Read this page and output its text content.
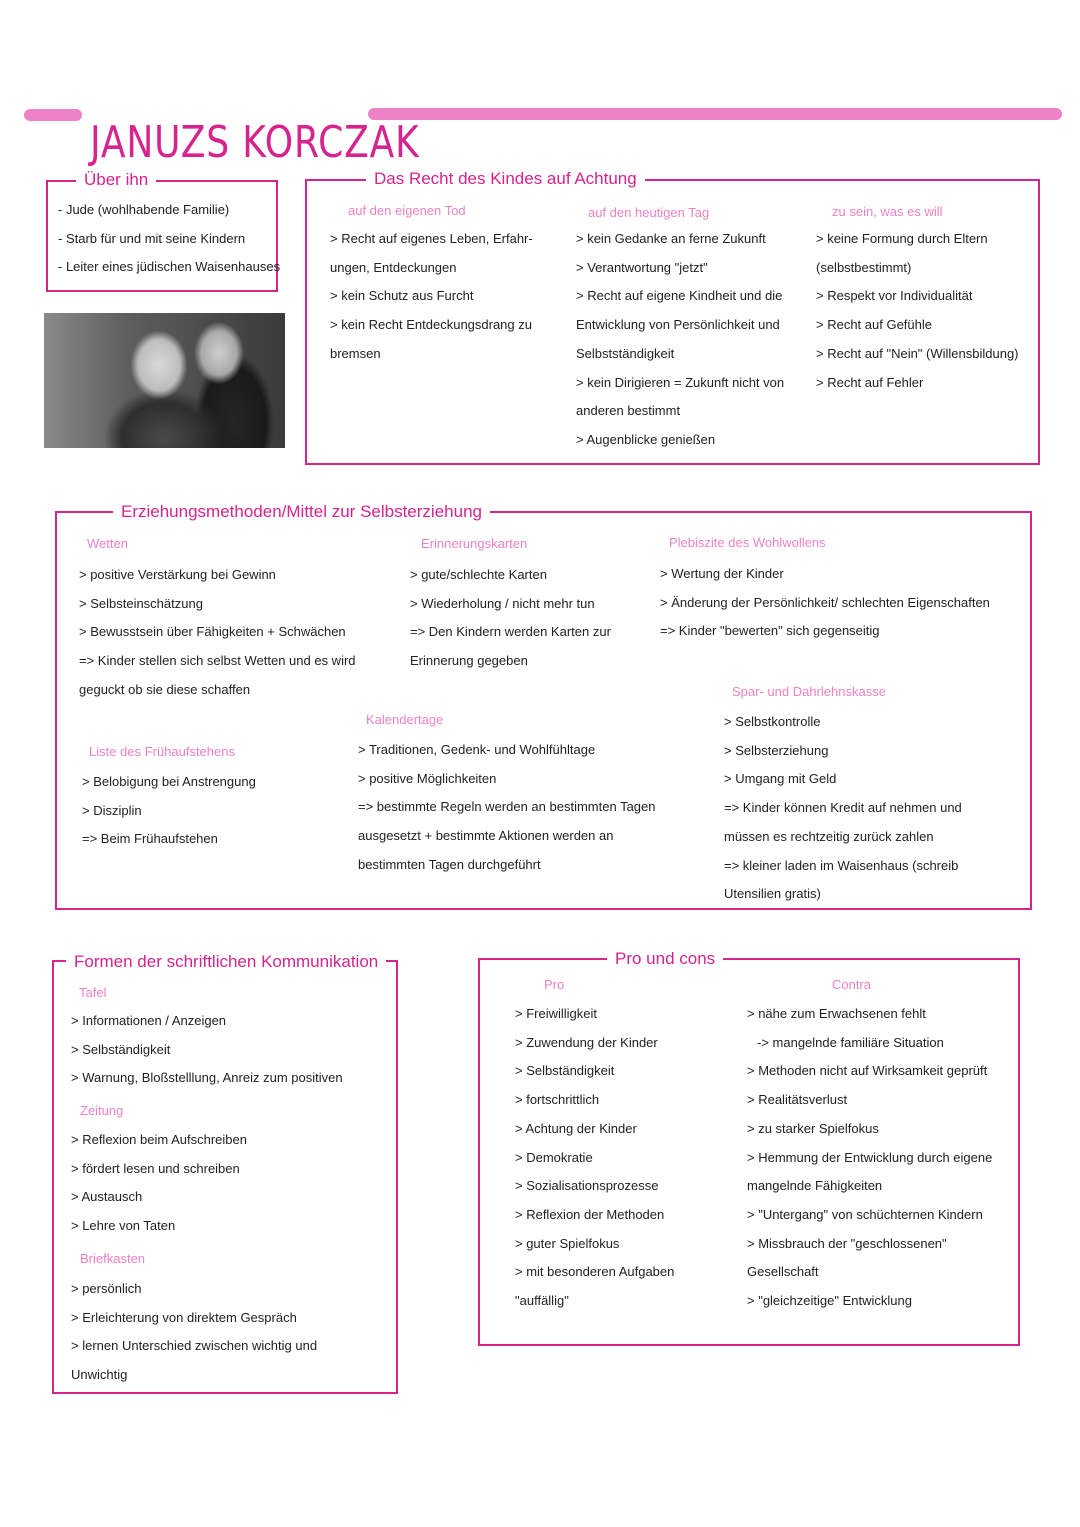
JANUZS KORCZAK
Über ihn
- Jude (wohlhabende Familie)
- Starb für und mit seine Kindern
- Leiter eines jüdischen Waisenhauses
Das Recht des Kindes auf Achtung
auf den eigenen Tod
> Recht auf eigenes Leben, Erfahr-
ungen, Entdeckungen
> kein Schutz aus Furcht
> kein Recht Entdeckungsdrang zu
bremsen
auf den heutigen Tag
> kein Gedanke an ferne Zukunft
> Verantwortung "jetzt"
> Recht auf eigene Kindheit und die
Entwicklung von Persönlichkeit und
Selbstständigkeit
> kein Dirigieren = Zukunft nicht von
anderen bestimmt
> Augenblicke genießen
zu sein, was es will
> keine Formung durch Eltern
(selbstbestimmt)
> Respekt vor Individualität
> Recht auf Gefühle
> Recht auf "Nein" (Willensbildung)
> Recht auf Fehler
Erziehungsmethoden/Mittel zur Selbsterziehung
Wetten
> positive Verstärkung bei Gewinn
> Selbsteinschätzung
> Bewusstsein über Fähigkeiten + Schwächen
=> Kinder stellen sich selbst Wetten und es wird
geguckt ob sie diese schaffen
Erinnerungskarten
> gute/schlechte Karten
> Wiederholung / nicht mehr tun
=> Den Kindern werden Karten zur
Erinnerung gegeben
Plebiszite des Wohlwollens
> Wertung der Kinder
> Änderung der Persönlichkeit/ schlechten Eigenschaften
=> Kinder "bewerten" sich gegenseitig
Liste des Frühaufstehens
> Belobigung bei Anstrengung
> Disziplin
=> Beim Frühaufstehen
Kalendertage
> Traditionen, Gedenk- und Wohlfühltage
> positive Möglichkeiten
=> bestimmte Regeln werden an bestimmten Tagen
ausgesetzt + bestimmte Aktionen werden an
bestimmten Tagen durchgeführt
Spar- und Dahrlehnskasse
> Selbstkontrolle
> Selbsterziehung
> Umgang mit Geld
=> Kinder können Kredit auf nehmen und
müssen es rechtzeitig zurück zahlen
=> kleiner laden im Waisenhaus (schreib
Utensilien gratis)
Formen der schriftlichen Kommunikation
Tafel
> Informationen / Anzeigen
> Selbständigkeit
> Warnung, Bloßstelllung, Anreiz zum positiven
Zeitung
> Reflexion beim Aufschreiben
> fördert lesen und schreiben
> Austausch
> Lehre von Taten
Briefkasten
> persönlich
> Erleichterung von direktem Gespräch
> lernen Unterschied zwischen wichtig und
Unwichtig
Pro und cons
Pro
> Freiwilligkeit
> Zuwendung der Kinder
> Selbständigkeit
> fortschrittlich
> Achtung der Kinder
> Demokratie
> Sozialisationsprozesse
> Reflexion der Methoden
> guter Spielfokus
> mit besonderen Aufgaben
"auffällig"
Contra
> nähe zum Erwachsenen fehlt
-> mangelnde familiäre Situation
> Methoden nicht auf Wirksamkeit geprüft
> Realitätsverlust
> zu starker Spielfokus
> Hemmung der Entwicklung durch eigene
mangelnde Fähigkeiten
> "Untergang" von schüchternen Kindern
> Missbrauch der "geschlossenen"
Gesellschaft
> "gleichzeitige" Entwicklung
